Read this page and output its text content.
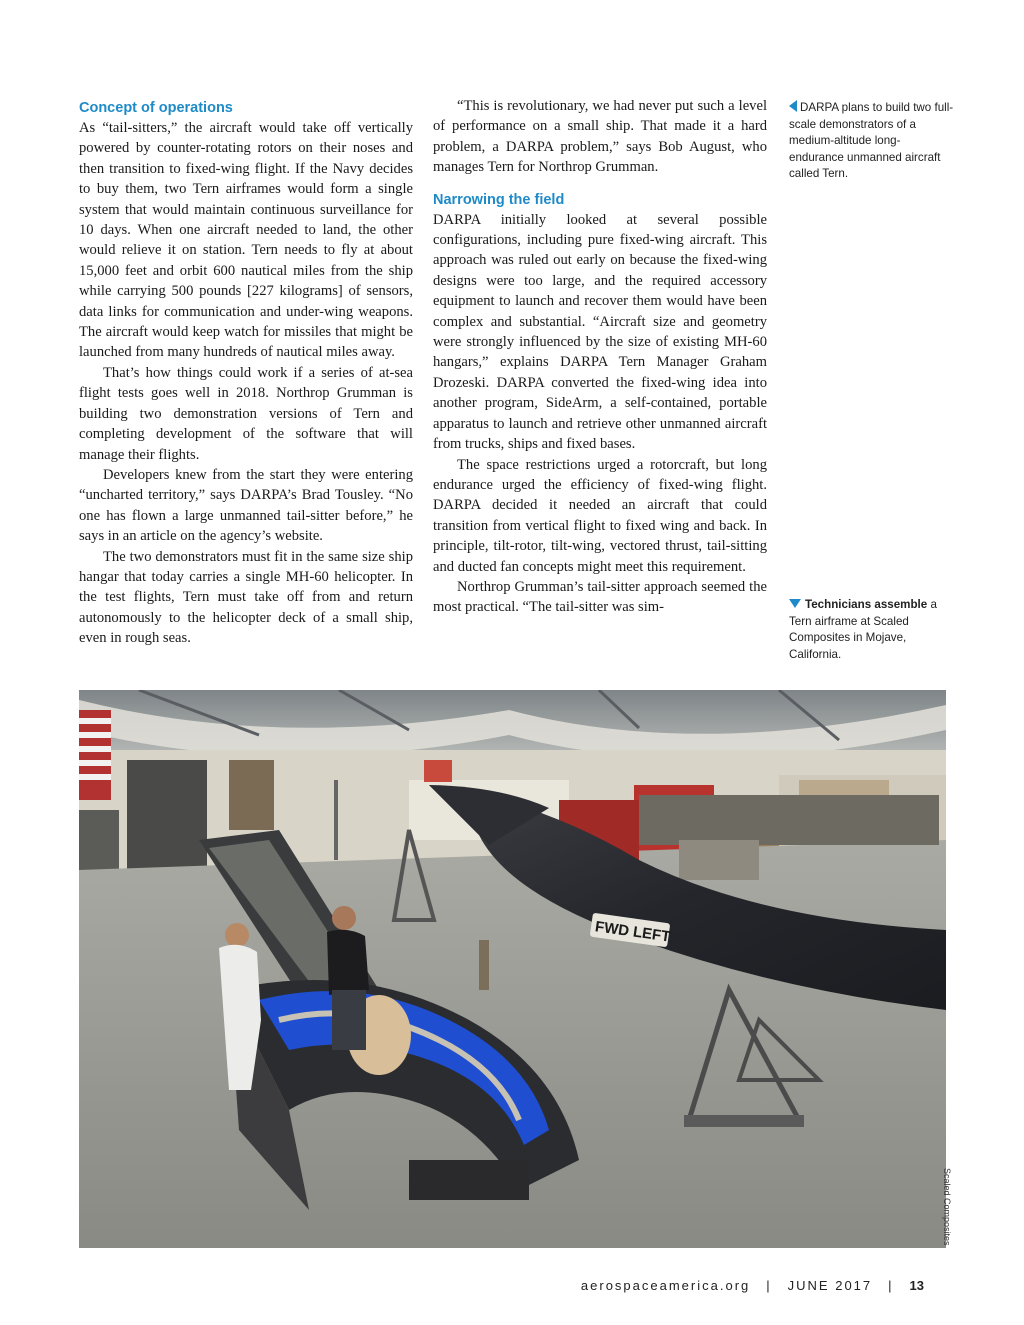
Concept of operations

As “tail-sitters,” the aircraft would take off vertically powered by counter-rotating rotors on their noses and then transition to fixed-wing flight. If the Navy decides to buy them, two Tern airframes would form a single system that would maintain continuous surveillance for 10 days. When one aircraft needed to land, the other would relieve it on station. Tern needs to fly at about 15,000 feet and orbit 600 nautical miles from the ship while carrying 500 pounds [227 kilograms] of sensors, data links for communication and under-wing weapons. The aircraft would keep watch for missiles that might be launched from many hundreds of nautical miles away.

That’s how things could work if a series of at-sea flight tests goes well in 2018. Northrop Grumman is building two demonstration versions of Tern and completing development of the software that will manage their flights.

Developers knew from the start they were entering “uncharted territory,” says DARPA’s Brad Tousley. “No one has flown a large unmanned tail-sitter before,” he says in an article on the agency’s website.

The two demonstrators must fit in the same size ship hangar that today carries a single MH-60 helicopter. In the test flights, Tern must take off from and return autonomously to the helicopter deck of a small ship, even in rough seas.

“This is revolutionary, we had never put such a level of performance on a small ship. That made it a hard problem, a DARPA problem,” says Bob August, who manages Tern for Northrop Grumman.

Narrowing the field

DARPA initially looked at several possible configurations, including pure fixed-wing aircraft. This approach was ruled out early on because the fixed-wing designs were too large, and the required accessory equipment to launch and recover them would have been complex and substantial. “Aircraft size and geometry were strongly influenced by the size of existing MH-60 hangars,” explains DARPA Tern Manager Graham Drozeski. DARPA converted the fixed-wing idea into another program, SideArm, a self-contained, portable apparatus to launch and retrieve other unmanned aircraft from trucks, ships and fixed bases.

The space restrictions urged a rotorcraft, but long endurance urged the efficiency of fixed-wing flight. DARPA decided it needed an aircraft that could transition from vertical flight to fixed wing and back. In principle, tilt-rotor, tilt-wing, vectored thrust, tail-sitting and ducted fan concepts might meet this requirement.

Northrop Grumman’s tail-sitter approach seemed the most practical. “The tail-sitter was sim-

DARPA plans to build two full-scale demonstrators of a medium-altitude long-endurance unmanned aircraft called Tern.
Technicians assemble a Tern airframe at Scaled Composites in Mojave, California.
FWD LEFT
Scaled Composites
aerospaceamerica.org | JUNE 2017 | 13
